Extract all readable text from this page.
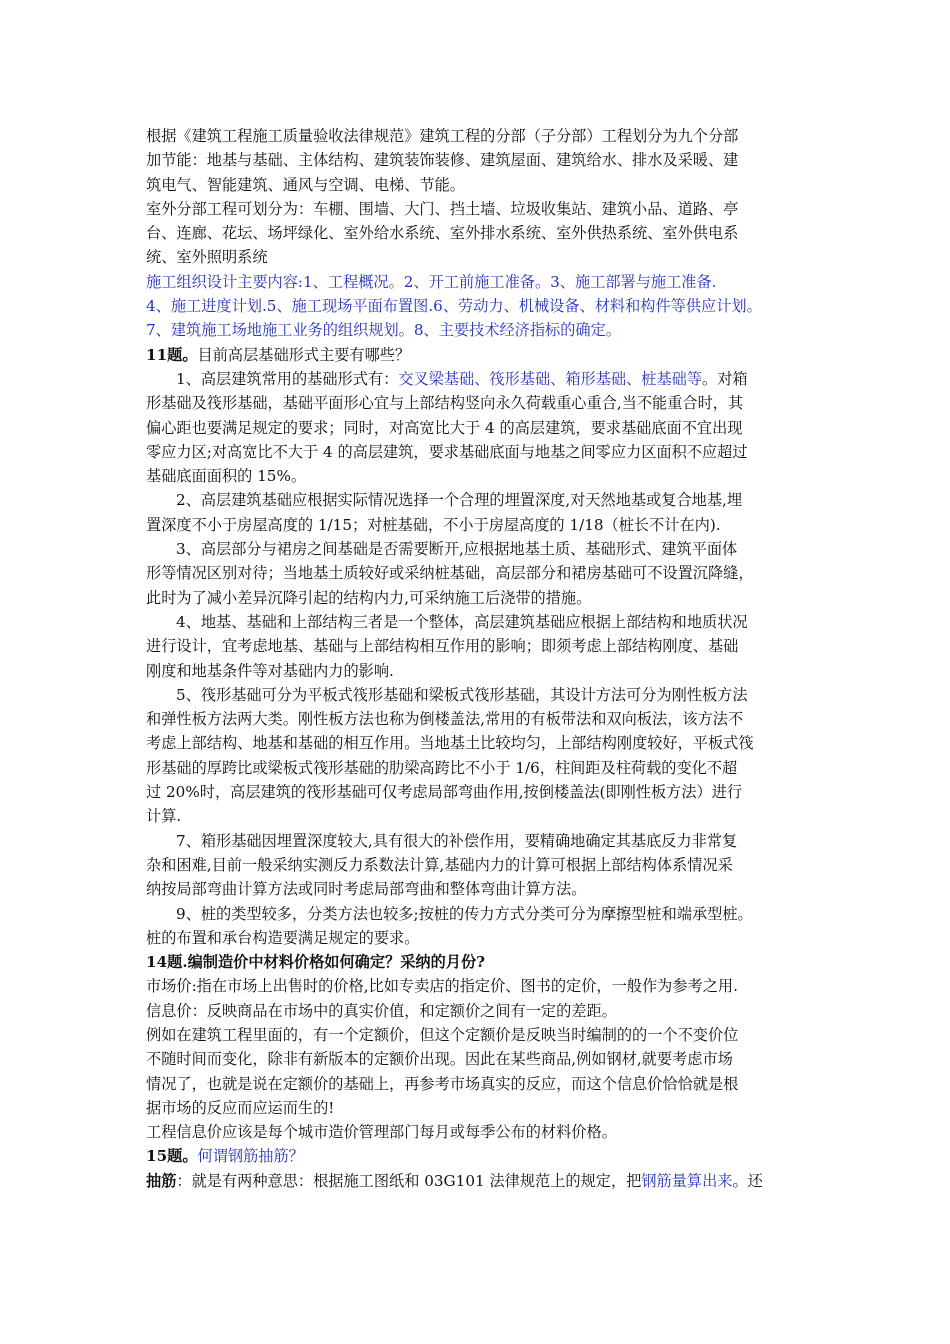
根据《建筑工程施工质量验收法律规范》建筑工程的分部（子分部）工程划分为九个分部
加节能：地基与基础、主体结构、建筑装饰装修、建筑屋面、建筑给水、排水及采暖、建
筑电气、智能建筑、通风与空调、电梯、节能。
室外分部工程可划分为：车棚、围墙、大门、挡土墙、垃圾收集站、建筑小品、道路、亭
台、连廊、花坛、场坪绿化、室外给水系统、室外排水系统、室外供热系统、室外供电系
统、室外照明系统
施工组织设计主要内容:1、工程概况。2、开工前施工准备。3、施工部署与施工准备.
4、施工进度计划.5、施工现场平面布置图.6、劳动力、机械设备、材料和构件等供应计划。
7、建筑施工场地施工业务的组织规划。8、主要技术经济指标的确定。
11题。目前高层基础形式主要有哪些？
1、高层建筑常用的基础形式有：交叉梁基础、筏形基础、箱形基础、桩基础等。对箱
形基础及筏形基础，基础平面形心宜与上部结构竖向永久荷载重心重合,当不能重合时，其
偏心距也要满足规定的要求；同时，对高宽比大于 4 的高层建筑，要求基础底面不宜出现
零应力区;对高宽比不大于 4 的高层建筑，要求基础底面与地基之间零应力区面积不应超过
基础底面面积的 15%。
2、高层建筑基础应根据实际情况选择一个合理的埋置深度,对天然地基或复合地基,埋
置深度不小于房屋高度的 1/15；对桩基础，不小于房屋高度的 1/18（桩长不计在内).
3、高层部分与裙房之间基础是否需要断开,应根据地基土质、基础形式、建筑平面体
形等情况区别对待；当地基土质较好或采纳桩基础，高层部分和裙房基础可不设置沉降缝，
此时为了减小差异沉降引起的结构内力,可采纳施工后浇带的措施。
4、地基、基础和上部结构三者是一个整体，高层建筑基础应根据上部结构和地质状况
进行设计，宜考虑地基、基础与上部结构相互作用的影响；即须考虑上部结构刚度、基础
刚度和地基条件等对基础内力的影响.
5、筏形基础可分为平板式筏形基础和梁板式筏形基础，其设计方法可分为刚性板方法
和弹性板方法两大类。刚性板方法也称为倒楼盖法,常用的有板带法和双向板法，该方法不
考虑上部结构、地基和基础的相互作用。当地基土比较均匀，上部结构刚度较好，平板式筏
形基础的厚跨比或梁板式筏形基础的肋梁高跨比不小于 1/6，柱间距及柱荷载的变化不超
过 20%时，高层建筑的筏形基础可仅考虑局部弯曲作用,按倒楼盖法(即刚性板方法）进行
计算.
7、箱形基础因埋置深度较大,具有很大的补偿作用，要精确地确定其基底反力非常复
杂和困难,目前一般采纳实测反力系数法计算,基础内力的计算可根据上部结构体系情况采
纳按局部弯曲计算方法或同时考虑局部弯曲和整体弯曲计算方法。
9、桩的类型较多，分类方法也较多;按桩的传力方式分类可分为摩擦型桩和端承型桩。
桩的布置和承台构造要满足规定的要求。
14题.编制造价中材料价格如何确定？采纳的月份?
市场价:指在市场上出售时的价格,比如专卖店的指定价、图书的定价，一般作为参考之用.
信息价：反映商品在市场中的真实价值，和定额价之间有一定的差距。
例如在建筑工程里面的，有一个定额价，但这个定额价是反映当时编制的的一个不变价位
不随时间而变化，除非有新版本的定额价出现。因此在某些商品,例如钢材,就要考虑市场
情况了，也就是说在定额价的基础上，再参考市场真实的反应，而这个信息价恰恰就是根
据市场的反应而应运而生的!
工程信息价应该是每个城市造价管理部门每月或每季公布的材料价格。
15题。何谓钢筋抽筋？
抽筋：就是有两种意思：根据施工图纸和 03G101 法律规范上的规定，把钢筋量算出来。还
